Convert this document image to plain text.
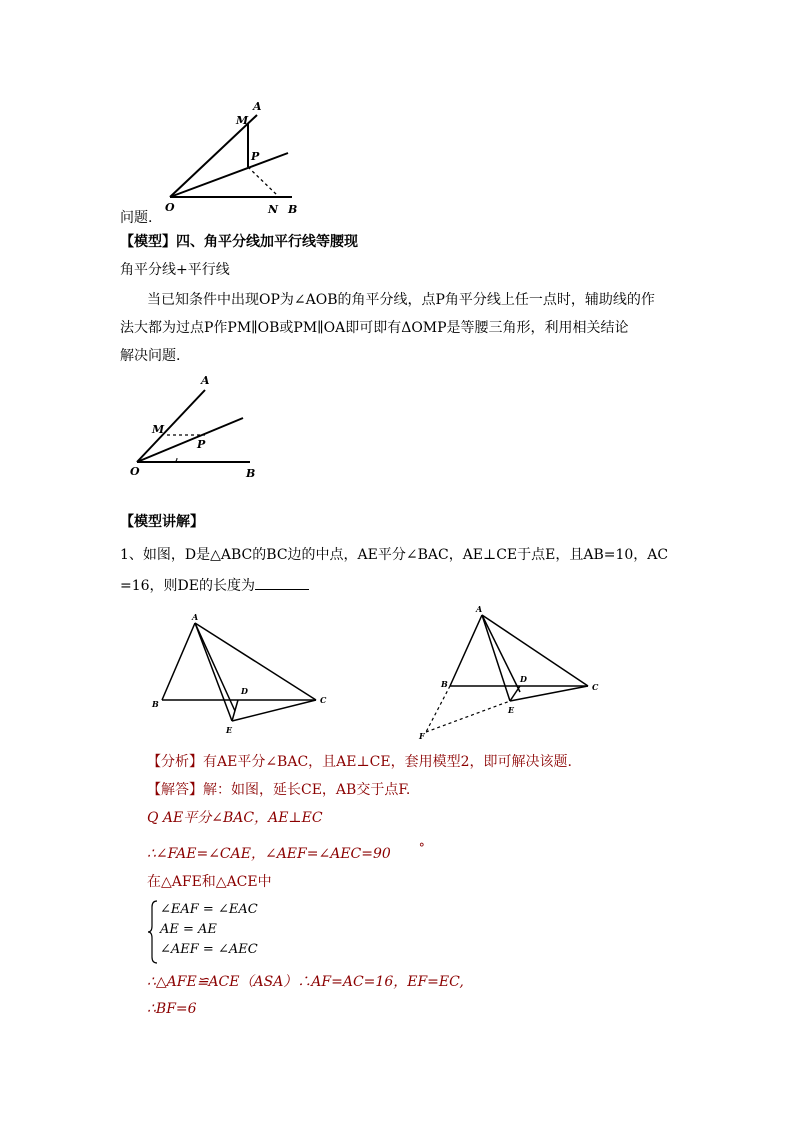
A
M
P
O	N B
问题.
【模型】四、角平分线加平行线等腰现
角平分线+平行线
当已知条件中出现OP为∠AOB的角平分线，点P角平分线上任一点时，辅助线的作
法大都为过点P作PM∥OB或PM∥OA即可即有ΔOMP是等腰三角形，利用相关结论
解决问题.
A
M
P
O	B
【模型讲解】
1、如图，D是△ABC的BC边的中点，AE平分∠BAC，AE⊥CE于点E，且AB=10，AC
=16，则DE的长度为
A
B	C
D
E
A
B	C
D
E
F
【分析】有AE平分∠BAC，且AE⊥CE，套用模型2，即可解决该题.
【解答】解：如图，延长CE，AB交于点F.
Q AE平分∠BAC，AE⊥EC
∴∠FAE=∠CAE，∠AEF=∠AEC=90 °
在△AFE和△ACE中
∠EAF = ∠EAC
AE = AE
∠AEF = ∠AEC
∴△AFE≌ACE（ASA）∴AF=AC=16，EF=EC,
∴BF=6
